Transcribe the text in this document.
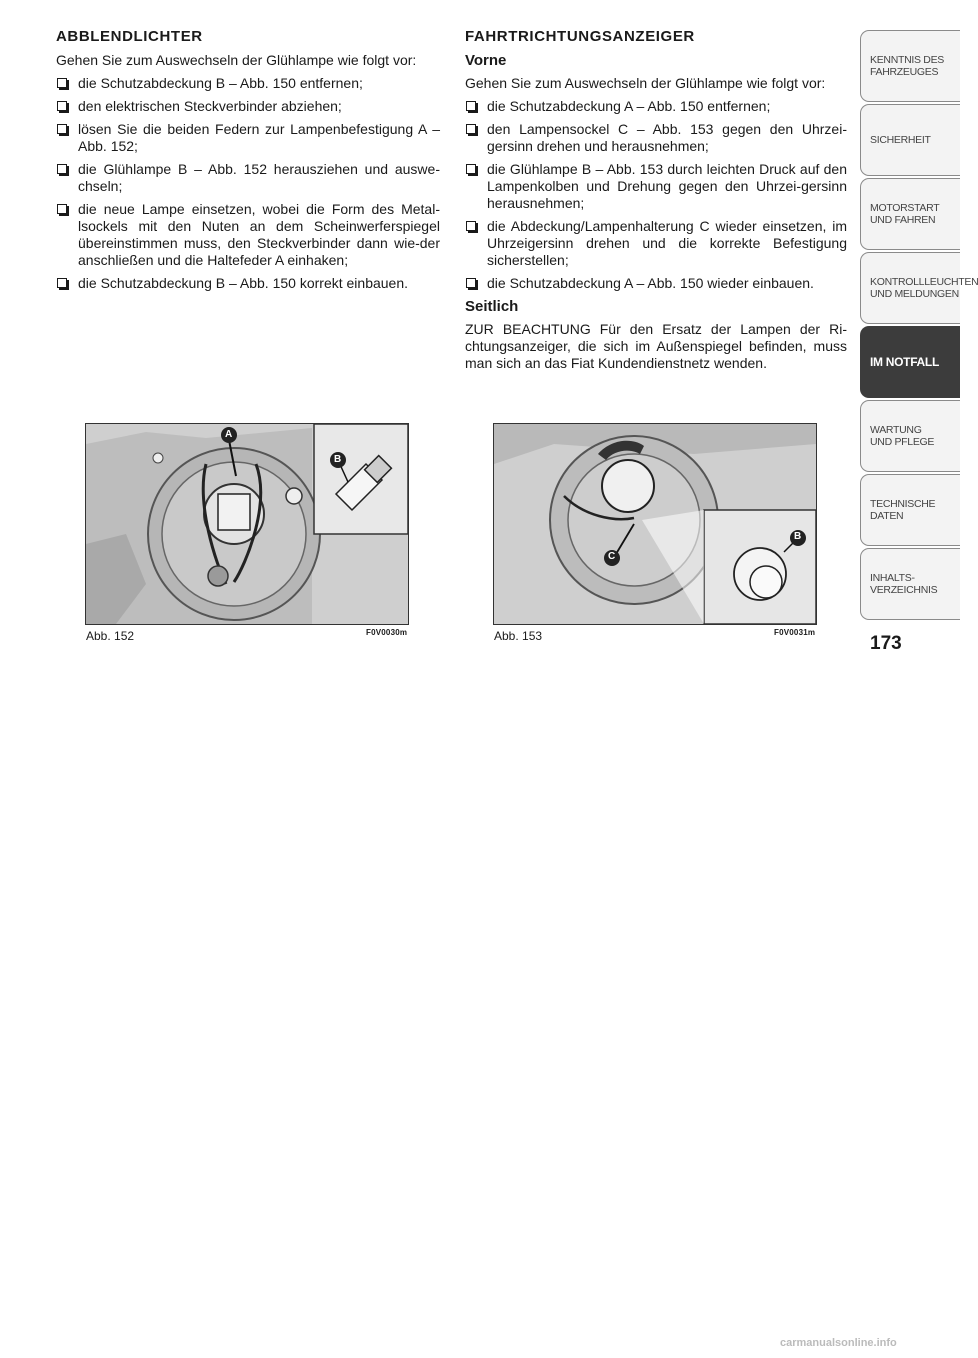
ABBLENDLICHTER
Gehen Sie zum Auswechseln der Glühlampe wie folgt vor:
die Schutzabdeckung B – Abb. 150 entfernen;
den elektrischen Steckverbinder abziehen;
lösen Sie die beiden Federn zur Lampenbefestigung A – Abb. 152;
die Glühlampe B – Abb. 152 herausziehen und auswe-chseln;
die neue Lampe einsetzen, wobei die Form des Metal-lsockels mit den Nuten an dem Scheinwerferspiegel übereinstimmen muss, den Steckverbinder dann wie-der anschließen und die Haltefeder A einhaken;
die Schutzabdeckung B – Abb. 150 korrekt einbauen.
FAHRTRICHTUNGSANZEIGER
Vorne
Gehen Sie zum Auswechseln der Glühlampe wie folgt vor:
die Schutzabdeckung A – Abb. 150 entfernen;
den Lampensockel C – Abb. 153 gegen den Uhrzei-gersinn drehen und herausnehmen;
die Glühlampe B – Abb. 153 durch leichten Druck auf den Lampenkolben und Drehung gegen den Uhrzei-gersinn herausnehmen;
die Abdeckung/Lampenhalterung C wieder einsetzen, im Uhrzeigersinn drehen und die korrekte Befestigung sicherstellen;
die Schutzabdeckung A – Abb. 150 wieder einbauen.
Seitlich
ZUR BEACHTUNG Für den Ersatz der Lampen der Ri-chtungsanzeiger, die sich im Außenspiegel befinden, muss man sich an das Fiat Kundendienstnetz wenden.
A
B
Abb. 152	F0V0030m
C
B
Abb. 153	F0V0031m
KENNTNIS DES
FAHRZEUGES
SICHERHEIT
MOTORSTART
UND FAHREN
KONTROLLLEUCHTEN
UND MELDUNGEN
IM NOTFALL
WARTUNG
UND PFLEGE
TECHNISCHE DATEN
INHALTS-
VERZEICHNIS
173
carmanualsonline.info
